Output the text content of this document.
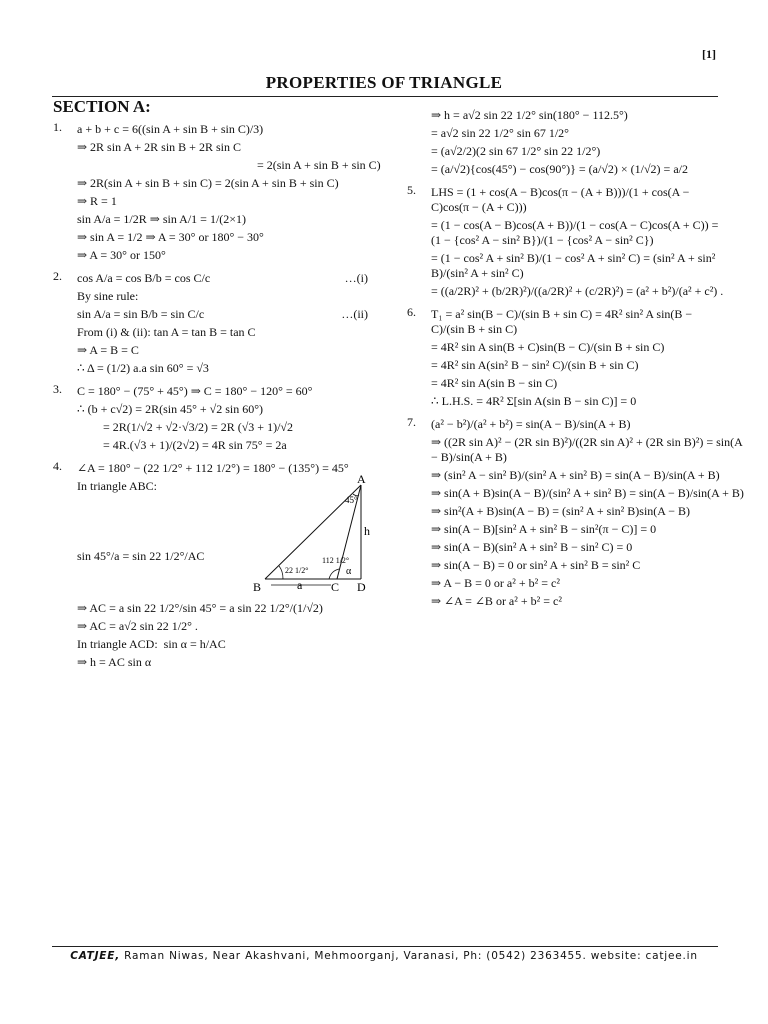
[1]
PROPERTIES OF TRIANGLE
SECTION A:
1.	a + b + c = 6((sin A + sin B + sin C)/3)
⇒ 2R sin A + 2R sin B + 2R sin C
= 2(sin A + sin B + sin C)
⇒ 2R(sin A + sin B + sin C) = 2(sin A + sin B + sin C)
⇒ R = 1
sin A/a = 1/2R ⇒ sin A/1 = 1/(2×1)
⇒ sin A = 1/2 ⇒ A = 30° or 180° − 30°
⇒ A = 30° or 150°
2.	cos A/a = cos B/b = cos C/c	…(i)
By sine rule:
sin A/a = sin B/b = sin C/c	…(ii)
From (i) & (ii): tan A = tan B = tan C
⇒ A = B = C
∴ Δ = (1/2) a.a sin 60° = √3
3.	C = 180° − (75° + 45°) ⇒ C = 180° − 120° = 60°
∴ (b + c√2) = 2R(sin 45° + √2 sin 60°)
= 2R(1/√2 + √2·√3/2) = 2R (√3 + 1)/√2
= 4R.(√3 + 1)/(2√2) = 4R sin 75° = 2a
4.	∠A = 180° − (22 1/2° + 112 1/2°) = 180° − (135°) = 45°
In triangle ABC:
sin 45°/a = sin 22 1/2°/AC
A
B	C D
45°
h
22 1/2°
112 1/2°
α
a
⇒ AC = a sin 22 1/2°/sin 45° = a sin 22 1/2°/(1/√2)
⇒ AC = a√2 sin 22 1/2° .
In triangle ACD:  sin α = h/AC
⇒ h = AC sin α
⇒ h = a√2 sin 22 1/2° sin(180° − 112.5°)
= a√2 sin 22 1/2° sin 67 1/2°
= (a√2/2)(2 sin 67 1/2° sin 22 1/2°)
= (a/√2){cos(45°) − cos(90°)} = (a/√2) × (1/√2) = a/2
5.	LHS = (1 + cos(A − B)cos(π − (A + B)))/(1 + cos(A − C)cos(π − (A + C)))
= (1 − cos(A − B)cos(A + B))/(1 − cos(A − C)cos(A + C)) = (1 − {cos² A − sin² B})/(1 − {cos² A − sin² C})
= (1 − cos² A + sin² B)/(1 − cos² A + sin² C) = (sin² A + sin² B)/(sin² A + sin² C)
= ((a/2R)² + (b/2R)²)/((a/2R)² + (c/2R)²) = (a² + b²)/(a² + c²) .
6.	T₁ = a² sin(B − C)/(sin B + sin C) = 4R² sin² A sin(B − C)/(sin B + sin C)
= 4R² sin A sin(B + C)sin(B − C)/(sin B + sin C)
= 4R² sin A(sin² B − sin² C)/(sin B + sin C)
= 4R² sin A(sin B − sin C)
∴ L.H.S. = 4R² Σ[sin A(sin B − sin C)] = 0
7.	(a² − b²)/(a² + b²) = sin(A − B)/sin(A + B)
⇒ ((2R sin A)² − (2R sin B)²)/((2R sin A)² + (2R sin B)²) = sin(A − B)/sin(A + B)
⇒ (sin² A − sin² B)/(sin² A + sin² B) = sin(A − B)/sin(A + B)
⇒ sin(A + B)sin(A − B)/(sin² A + sin² B) = sin(A − B)/sin(A + B)
⇒ sin²(A + B)sin(A − B) = (sin² A + sin² B)sin(A − B)
⇒ sin(A − B)[sin² A + sin² B − sin²(π − C)] = 0
⇒ sin(A − B)(sin² A + sin² B − sin² C) = 0
⇒ sin(A − B) = 0 or sin² A + sin² B = sin² C
⇒ A − B = 0 or a² + b² = c²
⇒ ∠A = ∠B or a² + b² = c²
CATJEE, Raman Niwas, Near Akashvani, Mehmoorganj, Varanasi, Ph: (0542) 2363455. website: catjee.in
